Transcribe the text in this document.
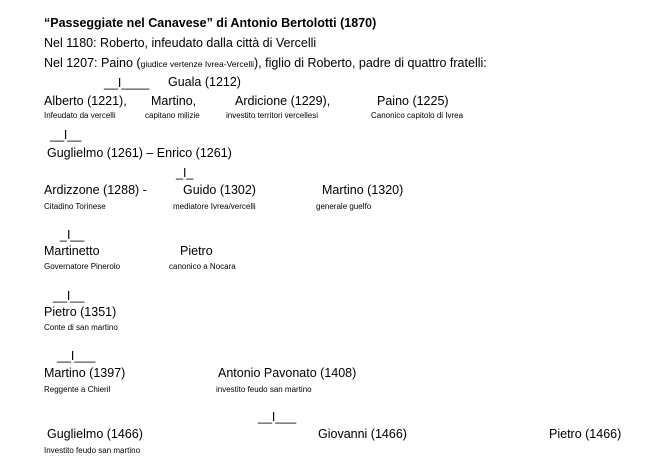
“Passeggiate nel Canavese” di Antonio Bertolotti (1870)
Nel 1180: Roberto, infeudato dalla città di Vercelli
Nel 1207: Paino (giudice vertenze Ivrea-Vercelli), figlio di Roberto, padre di quattro fratelli:
__I____ Guala (1212)
Alberto (1221), Martino,	Ardicione (1229),	Paino (1225)
Infeudato da vercelli	capitano milizie	investito territori vercellesi	Canonico capitolo di Ivrea
__I__
Guglielmo (1261) – Enrico (1261)
_I_
Ardizzone (1288) -	Guido (1302)	Martino (1320)
Citadino Torinese	mediatore Ivrea/vercelli	generale guelfo
_I__
Martinetto	Pietro
Governatore Pinerolo	canonico a Nocara
__I__
Pietro (1351)
Conte di san martino
__I___
Martino (1397)	Antonio Pavonato (1408)
Reggente a Chieril	investito feudo san martino
__I___
Guglielmo (1466)	Giovanni (1466)	Pietro (1466)
Investito feudo san martino
